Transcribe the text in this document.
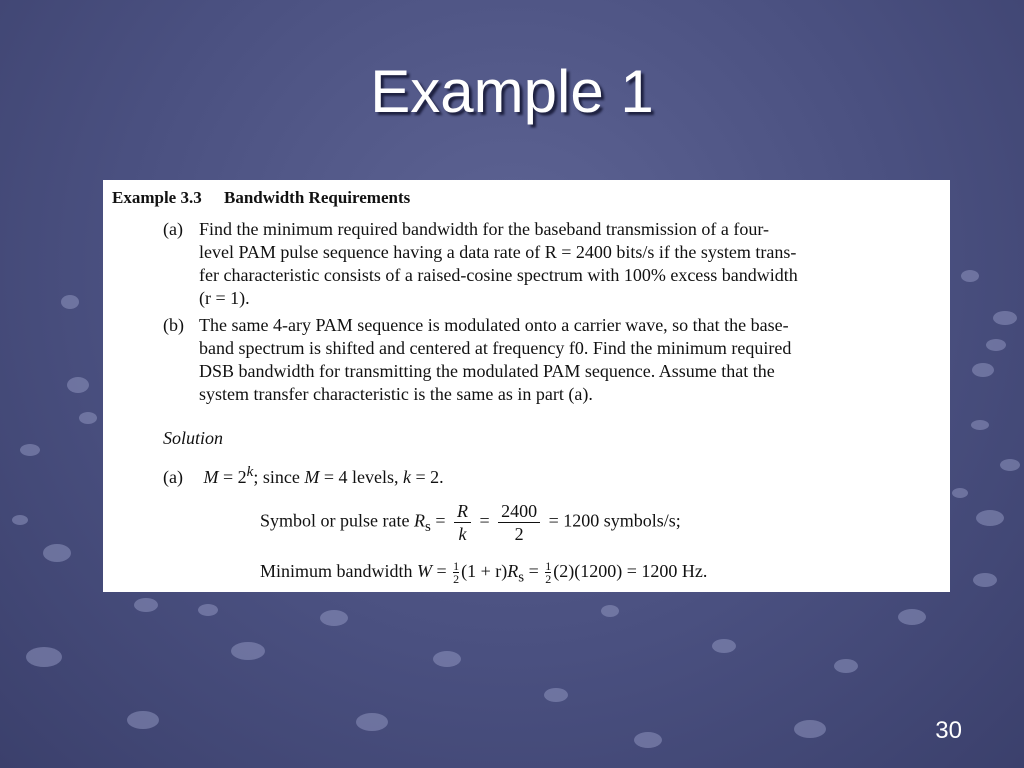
Example 1
Example 3.3 Bandwidth Requirements
(a) Find the minimum required bandwidth for the baseband transmission of a four-
level PAM pulse sequence having a data rate of R = 2400 bits/s if the system trans-
fer characteristic consists of a raised-cosine spectrum with 100% excess bandwidth
(r = 1).
(b) The same 4-ary PAM sequence is modulated onto a carrier wave, so that the base-
band spectrum is shifted and centered at frequency f0. Find the minimum required
DSB bandwidth for transmitting the modulated PAM sequence. Assume that the
system transfer characteristic is the same as in part (a).
Solution
(a) $M = 2^k$; since M = 4 levels, k = 2.
Symbol or pulse rate $R_s = \frac{R}{k} = \frac{2400}{2} = 1200$ symbols/s;
Minimum bandwidth $W = \frac{1}{2} (1 + r)R_s = \frac{1}{2} (2)(1200) = 1200$ Hz.
30
